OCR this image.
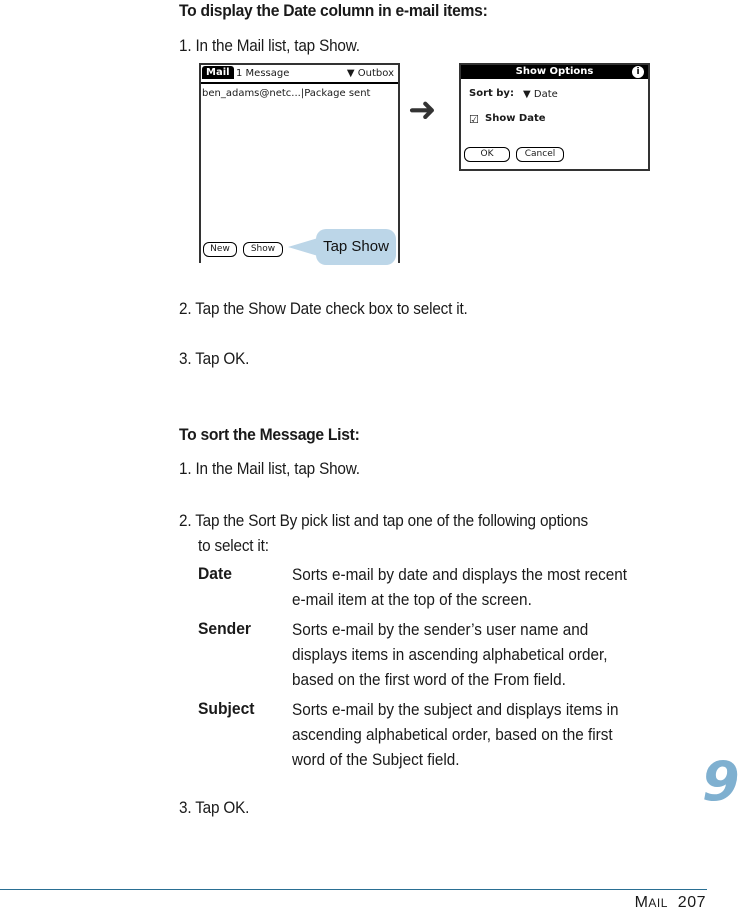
To display the Date column in e-mail items:
1. In the Mail list, tap Show.
Mail 1 Message	▼ Outbox
ben_adams@netc...|Package sent
New	Show	Tap Show
➜
Show Options	i
Sort by: ▼ Date
☑ Show Date
OK	Cancel
2. Tap the Show Date check box to select it.
3. Tap OK.
To sort the Message List:
1. In the Mail list, tap Show.
2. Tap the Sort By pick list and tap one of the following options
to select it:
Date	Sorts e-mail by date and displays the most recent
e-mail item at the top of the screen.
Sender Sorts e-mail by the sender’s user name and
displays items in ascending alphabetical order,
based on the first word of the From field.
Subject Sorts e-mail by the subject and displays items in
ascending alphabetical order, based on the first
word of the Subject field.
3. Tap OK.	9
MAIL 207
